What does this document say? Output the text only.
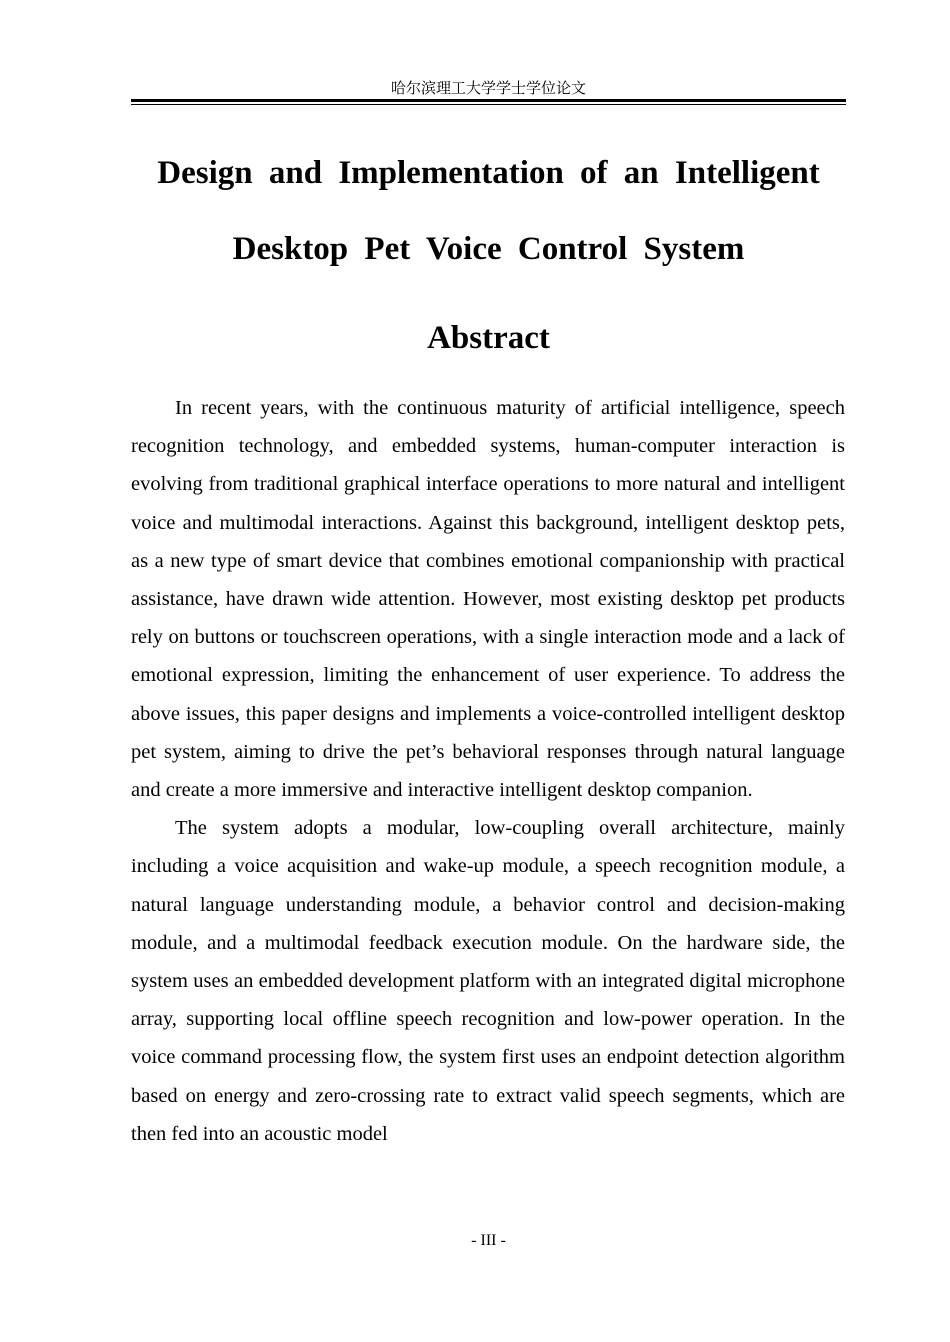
哈尔滨理工大学学士学位论文
Design and Implementation of an Intelligent
Desktop Pet Voice Control System
Abstract

In recent years, with the continuous maturity of artificial intelligence, speech recognition technology, and embedded systems, human-computer interaction is evolving from traditional graphical interface operations to more natural and intelligent voice and multimodal interactions. Against this background, intelligent desktop pets, as a new type of smart device that combines emotional companionship with practical assistance, have drawn wide attention. However, most existing desktop pet products rely on buttons or touchscreen operations, with a single interaction mode and a lack of emotional expression, limiting the enhancement of user experience. To address the above issues, this paper designs and implements a voice-controlled intelligent desktop pet system, aiming to drive the pet’s behavioral responses through natural language and create a more immersive and interactive intelligent desktop companion.

The system adopts a modular, low-coupling overall architecture, mainly including a voice acquisition and wake-up module, a speech recognition module, a natural language understanding module, a behavior control and decision-making module, and a multimodal feedback execution module. On the hardware side, the system uses an embedded development platform with an integrated digital microphone array, supporting local offline speech recognition and low-power operation. In the voice command processing flow, the system first uses an endpoint detection algorithm based on energy and zero-crossing rate to extract valid speech segments, which are then fed into an acoustic model

- III -
